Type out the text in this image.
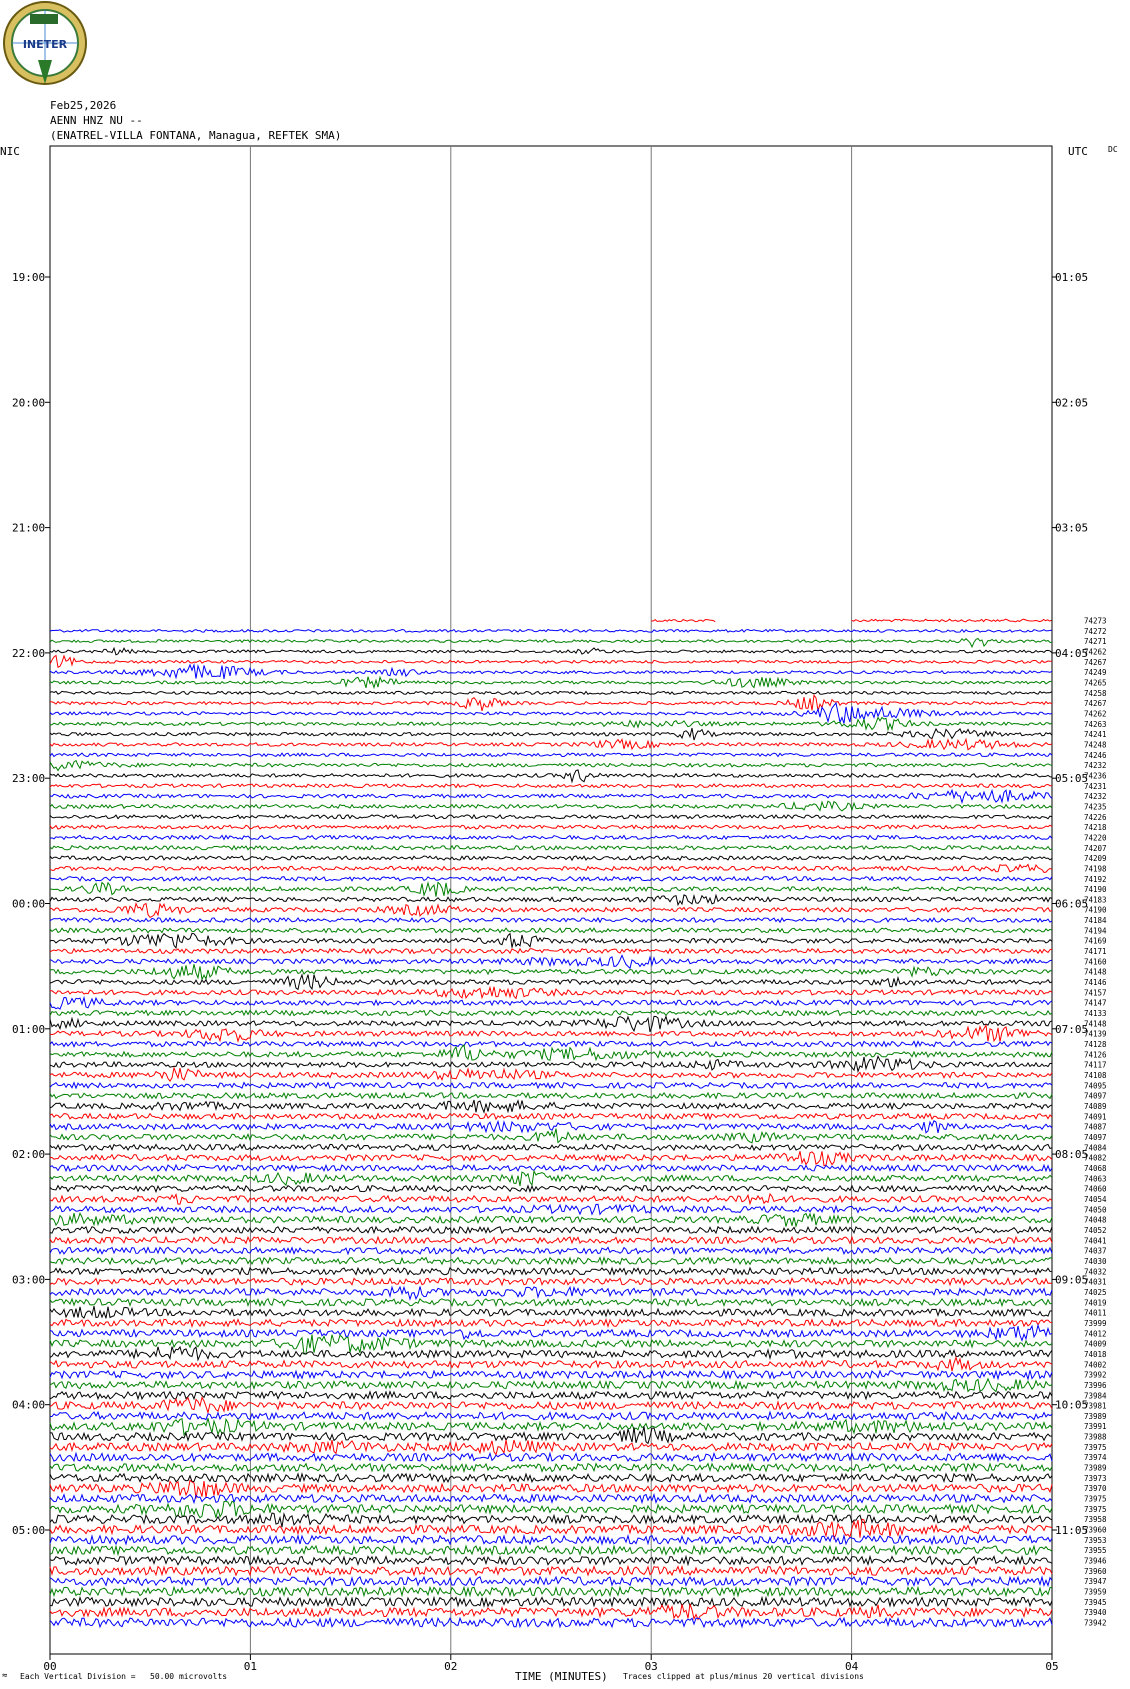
INETER
Feb25,2026
AENN HNZ NU --
(ENATREL-VILLA FONTANA, Managua, REFTEK SMA)
NIC	UTC	DC
00	01	02	03	04	05
19:00
20:00
21:00
22:00
23:00
00:00
01:00
02:00
03:00
04:00
05:00
01:05
02:05
03:05
04:05
05:05
06:05
07:05
08:05
09:05
10:05
11:05
74273
74272
74271
74262
74267
74249
74265
74258
74267
74262
74263
74241
74248
74246
74232
74236
74231
74232
74235
74226
74218
74220
74207
74209
74198
74192
74190
74183
74190
74184
74194
74169
74171
74160
74148
74146
74157
74147
74133
74148
74139
74128
74126
74117
74108
74095
74097
74089
74091
74087
74097
74084
74082
74068
74063
74060
74054
74050
74048
74052
74041
74037
74030
74032
74031
74025
74019
74011
73999
74012
74009
74018
74002
73992
73996
73984
73981
73989
73991
73988
73975
73974
73989
73973
73970
73975
73975
73958
73960
73953
73955
73946
73960
73947
73959
73945
73940
73942
≈ Each Vertical Division =   50.00 microvolts	TIME (MINUTES) Traces clipped at plus/minus 20 vertical divisions
